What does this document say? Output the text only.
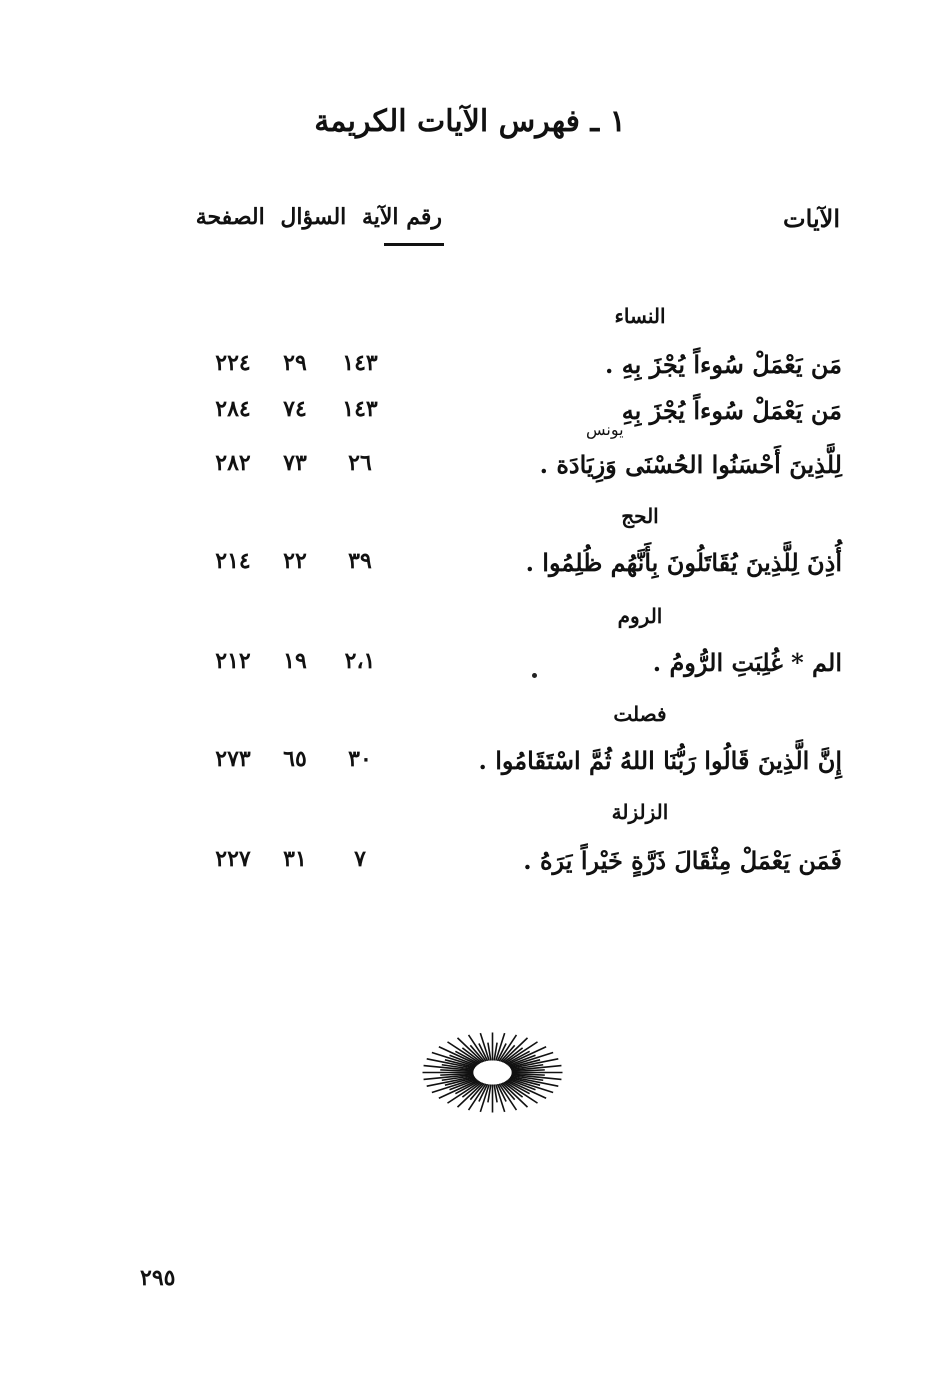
١ ـ فهرس الآيات الكريمة
الآيات
رقم الآية السؤال الصفحة
النساء
مَن يَعْمَلْ سُوءاً يُجْزَ بِهِ .
١٤٣
٢٩
٢٢٤
مَن يَعْمَلْ سُوءاً يُجْزَ بِهِ
يونس
١٤٣
٧٤
٢٨٤
لِلَّذِينَ أَحْسَنُوا الحُسْنَى وَزِيَادَة .
٢٦
٧٣
٢٨٢
الحج
أُذِنَ لِلَّذِينَ يُقَاتَلُونَ بِأَنَّهُم ظُلِمُوا .
٣٩
٢٢
٢١٤
الروم
الم * غُلِبَتِ الرُّومُ .
٢،١
١٩
٢١٢
فصلت
إِنَّ الَّذِينَ قَالُوا رَبُّنَا اللهُ ثُمَّ اسْتَقَامُوا .
٣٠
٦٥
٢٧٣
الزلزلة
فَمَن يَعْمَلْ مِثْقَالَ ذَرَّةٍ خَيْراً يَرَهُ .
٧
٣١
٢٢٧
٢٩٥
